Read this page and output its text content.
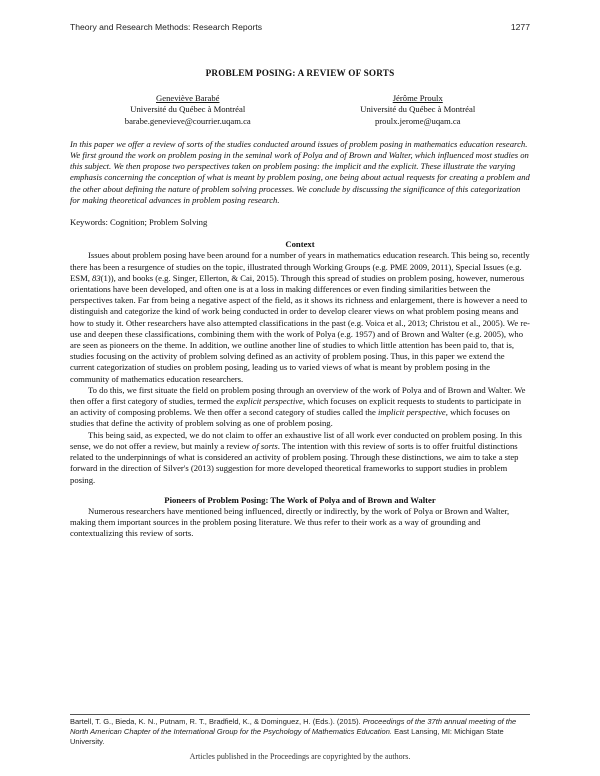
Theory and Research Methods: Research Reports	1277
PROBLEM POSING: A REVIEW OF SORTS
Geneviève Barabé
Université du Québec à Montréal
barabe.genevieve@courrier.uqam.ca
Jérôme Proulx
Université du Québec à Montréal
proulx.jerome@uqam.ca

In this paper we offer a review of sorts of the studies conducted around issues of problem posing in mathematics education research. We first ground the work on problem posing in the seminal work of Polya and of Brown and Walter, which influenced most studies on this subject. We then propose two perspectives taken on problem posing: the implicit and the explicit. These illustrate the varying emphasis concerning the conception of what is meant by problem posing, one being about actual requests for creating a problem and the other about defining the nature of problem solving processes. We conclude by discussing the significance of this categorization for making theoretical advances in problem posing research.

Keywords: Cognition; Problem Solving

Context

Issues about problem posing have been around for a number of years in mathematics education research. This being so, recently there has been a resurgence of studies on the topic, illustrated through Working Groups (e.g. PME 2009, 2011), Special Issues (e.g. ESM, 83(1)), and books (e.g. Singer, Ellerton, & Cai, 2015). Through this spread of studies on problem posing, however, numerous orientations have been developed, and often one is at a loss in making differences or even finding similarities between the perspectives taken. Far from being a negative aspect of the field, as it shows its richness and enlargement, there is however a need to distinguish and categorize the kind of work being conducted in order to develop clearer views on what problem posing means and how to study it. Other researchers have also attempted classifications in the past (e.g. Voica et al., 2013; Christou et al., 2005). We re-use and deepen these classifications, combining them with the work of Polya (e.g. 1957) and of Brown and Walter (e.g. 2005), who are seen as pioneers on the theme. In addition, we outline another line of studies to which little attention has been paid to, that is, studies focusing on the activity of problem solving defined as an activity of problem posing. Thus, in this paper we extend the current categorization of studies on problem posing, leading us to varied views of what is meant by problem posing in the community of mathematics education researchers.

To do this, we first situate the field on problem posing through an overview of the work of Polya and of Brown and Walter. We then offer a first category of studies, termed the explicit perspective, which focuses on explicit requests to students to participate in an activity of composing problems. We then offer a second category of studies called the implicit perspective, which focuses on studies that define the activity of problem solving as one of problem posing.

This being said, as expected, we do not claim to offer an exhaustive list of all work ever conducted on problem posing. In this sense, we do not offer a review, but mainly a review of sorts. The intention with this review of sorts is to offer fruitful distinctions related to the underpinnings of what is considered an activity of problem posing. Through these distinctions, we aim to take a step forward in the direction of Silver's (2013) suggestion for more developed theoretical frameworks to support studies in problem posing.

Pioneers of Problem Posing: The Work of Polya and of Brown and Walter

Numerous researchers have mentioned being influenced, directly or indirectly, by the work of Polya or Brown and Walter, making them important sources in the problem posing literature. We thus refer to their work as a way of grounding and contextualizing this review of sorts.

Bartell, T. G., Bieda, K. N., Putnam, R. T., Bradfield, K., & Dominguez, H. (Eds.). (2015). Proceedings of the 37th annual meeting of the North American Chapter of the International Group for the Psychology of Mathematics Education. East Lansing, MI: Michigan State University.
Articles published in the Proceedings are copyrighted by the authors.
